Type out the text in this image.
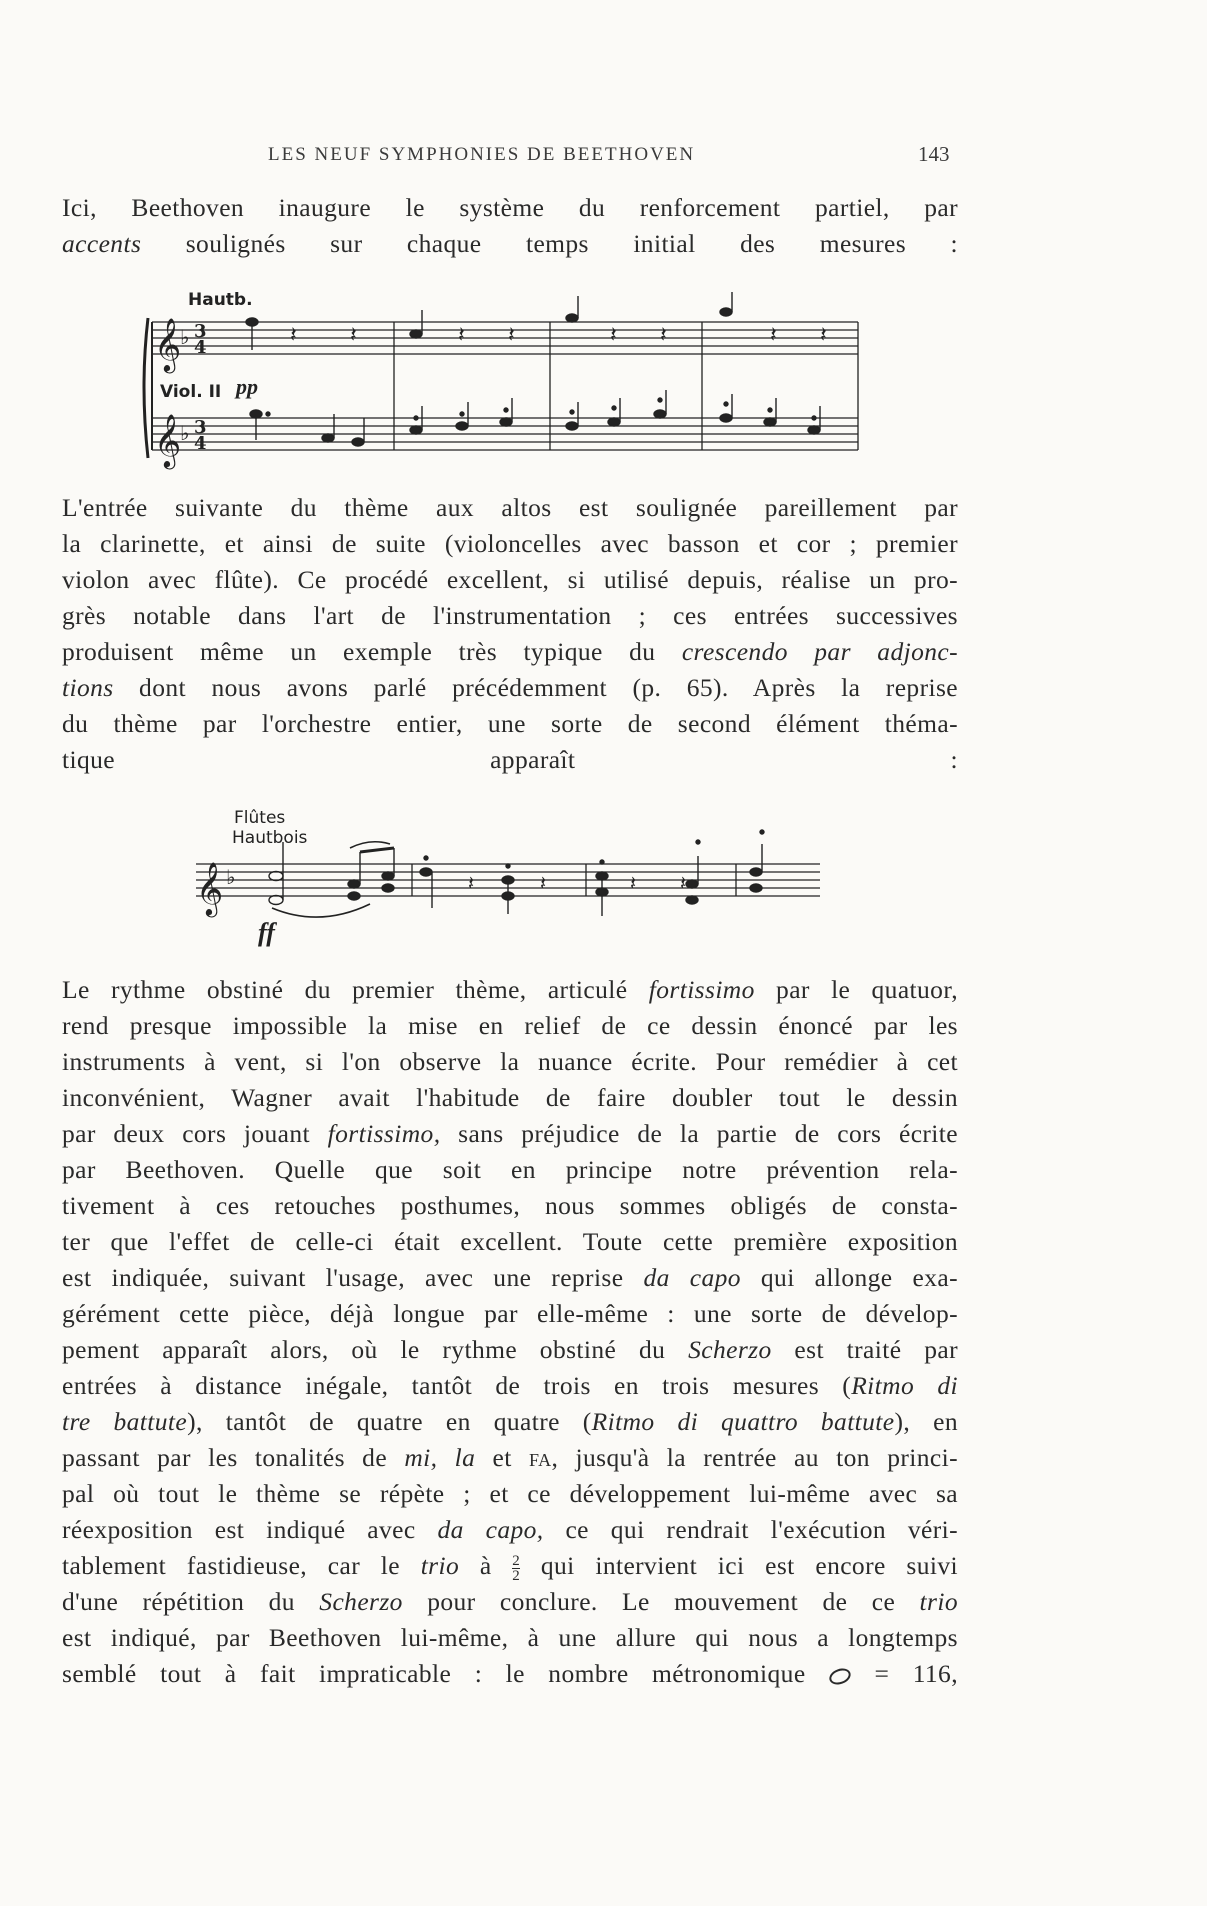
LES NEUF SYMPHONIES DE BEETHOVEN	143
Ici, Beethoven inaugure le système du renforcement partiel, par
accents soulignés sur chaque temps initial des mesures :
Hautb.
Viol. II pp
𝄞
𝄞
♭
♭
3
4
3
4
𝄽 𝄽	𝄽 𝄽	𝄽 𝄽	𝄽 𝄽
L'entrée suivante du thème aux altos est soulignée pareillement par
la clarinette, et ainsi de suite (violoncelles avec basson et cor ; premier
violon avec flûte). Ce procédé excellent, si utilisé depuis, réalise un pro-
grès notable dans l'art de l'instrumentation ; ces entrées successives
produisent même un exemple très typique du crescendo par adjonc-
tions dont nous avons parlé précédemment (p. 65). Après la reprise
du thème par l'orchestre entier, une sorte de second élément théma-
tique apparaît :
Flûtes
Hautbois
ff
𝄞 ♭	𝄽	𝄽	𝄽 𝄽
Le rythme obstiné du premier thème, articulé fortissimo par le quatuor,
rend presque impossible la mise en relief de ce dessin énoncé par les
instruments à vent, si l'on observe la nuance écrite. Pour remédier à cet
inconvénient, Wagner avait l'habitude de faire doubler tout le dessin
par deux cors jouant fortissimo, sans préjudice de la partie de cors écrite
par Beethoven. Quelle que soit en principe notre prévention rela-
tivement à ces retouches posthumes, nous sommes obligés de consta-
ter que l'effet de celle-ci était excellent. Toute cette première exposition
est indiquée, suivant l'usage, avec une reprise da capo qui allonge exa-
gérément cette pièce, déjà longue par elle-même : une sorte de dévelop-
pement apparaît alors, où le rythme obstiné du Scherzo est traité par
entrées à distance inégale, tantôt de trois en trois mesures (Ritmo di
tre battute), tantôt de quatre en quatre (Ritmo di quattro battute), en
passant par les tonalités de mi, la et fa, jusqu'à la rentrée au ton princi-
pal où tout le thème se répète ; et ce développement lui-même avec sa
réexposition est indiqué avec da capo, ce qui rendrait l'exécution véri-
tablement fastidieuse, car le trio à $\frac{2}{2}$ qui intervient ici est encore suivi
d'une répétition du Scherzo pour conclure. Le mouvement de ce trio
est indiqué, par Beethoven lui-même, à une allure qui nous a longtemps
semblé tout à fait impraticable : le nombre métronomique  = 116,
